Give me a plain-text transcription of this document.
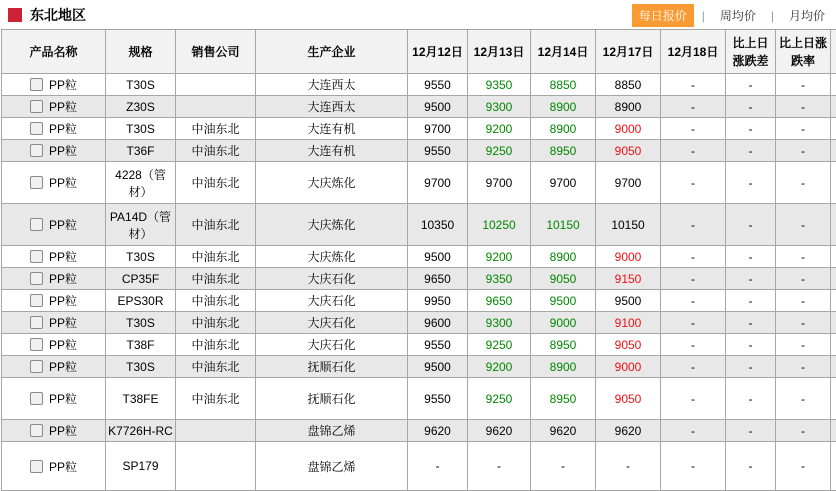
东北地区	每日报价	|	周均价	|	月均价
产品名称	规格	销售公司	生产企业	12月12日	12月13日	12月14日	12月17日	12月18日	比上日涨跌差	比上日涨跌率	
PP粒	T30S		大连西太	9550	9350	8850	8850	-	-	-	
PP粒	Z30S		大连西太	9500	9300	8900	8900	-	-	-	
PP粒	T30S	中油东北	大连有机	9700	9200	8900	9000	-	-	-	
PP粒	T36F	中油东北	大连有机	9550	9250	8950	9050	-	-	-	
PP粒	4228（管材）	中油东北	大庆炼化	9700	9700	9700	9700	-	-	-	
PP粒	PA14D（管材）	中油东北	大庆炼化	10350	10250	10150	10150	-	-	-	
PP粒	T30S	中油东北	大庆炼化	9500	9200	8900	9000	-	-	-	
PP粒	CP35F	中油东北	大庆石化	9650	9350	9050	9150	-	-	-	
PP粒	EPS30R	中油东北	大庆石化	9950	9650	9500	9500	-	-	-	
PP粒	T30S	中油东北	大庆石化	9600	9300	9000	9100	-	-	-	
PP粒	T38F	中油东北	大庆石化	9550	9250	8950	9050	-	-	-	
PP粒	T30S	中油东北	抚顺石化	9500	9200	8900	9000	-	-	-	
PP粒	T38FE	中油东北	抚顺石化	9550	9250	8950	9050	-	-	-	
PP粒	K7726H-RC		盘锦乙烯	9620	9620	9620	9620	-	-	-	
PP粒	SP179		盘锦乙烯	-	-	-	-	-	-	-	
